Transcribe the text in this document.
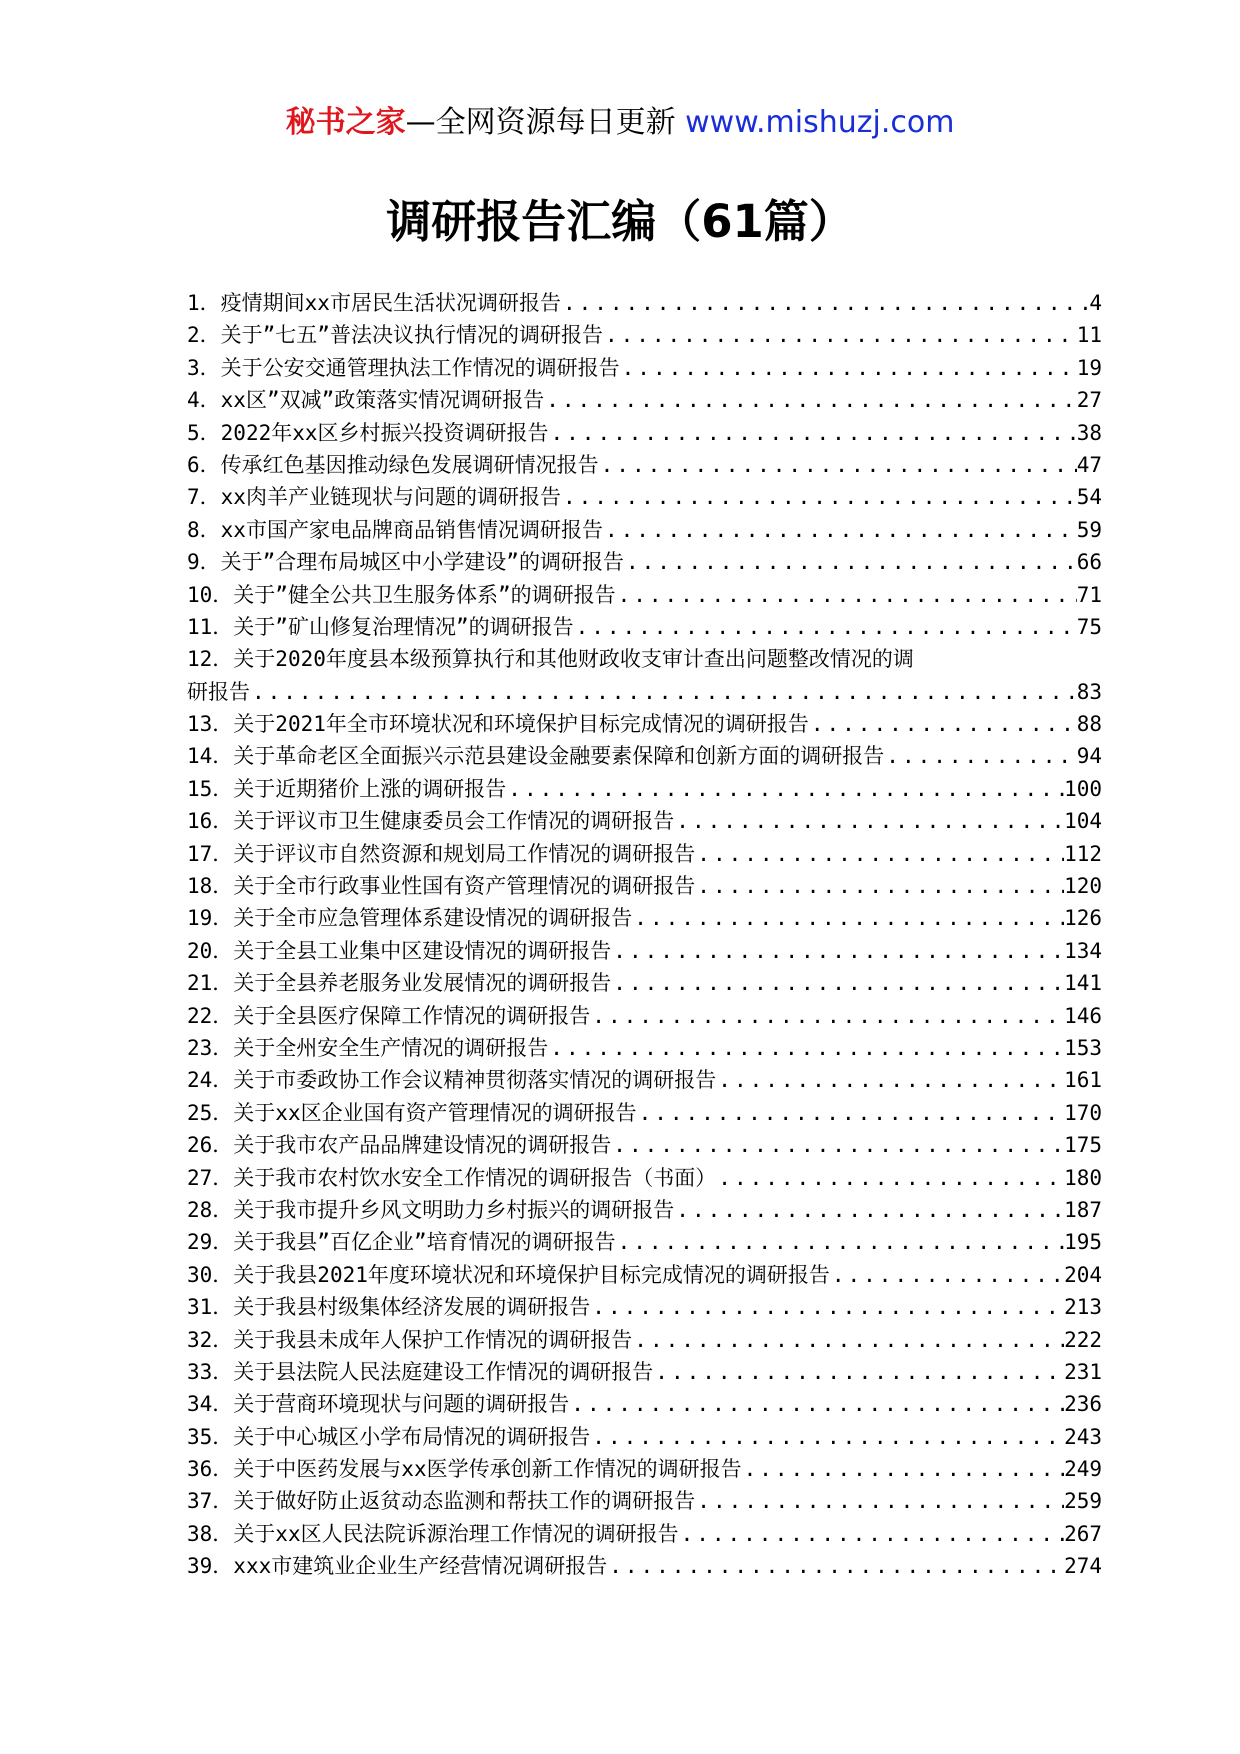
秘书之家—全网资源每日更新 www.mishuzj.com
调研报告汇编（61篇）
1．疫情期间xx市居民生活状况调研报告 .....	4
2．关于”七五”普法决议执行情况的调研报告 .....	11
3．关于公安交通管理执法工作情况的调研报告 .....	19
4．xx区”双减”政策落实情况调研报告 .....	27
5．2022年xx区乡村振兴投资调研报告 .....	38
6．传承红色基因推动绿色发展调研情况报告 .....	47
7．xx肉羊产业链现状与问题的调研报告 .....	54
8．xx市国产家电品牌商品销售情况调研报告 .....	59
9．关于”合理布局城区中小学建设”的调研报告 .....	66
10．关于”健全公共卫生服务体系”的调研报告 .....	71
11．关于”矿山修复治理情况”的调研报告 .....	75
12．关于2020年度县本级预算执行和其他财政收支审计查出问题整改情况的调
研报告 .....	83
13．关于2021年全市环境状况和环境保护目标完成情况的调研报告 .....	88
14．关于革命老区全面振兴示范县建设金融要素保障和创新方面的调研报告 .....	94
15．关于近期猪价上涨的调研报告 .....	100
16．关于评议市卫生健康委员会工作情况的调研报告 .....	104
17．关于评议市自然资源和规划局工作情况的调研报告 .....	112
18．关于全市行政事业性国有资产管理情况的调研报告 .....	120
19．关于全市应急管理体系建设情况的调研报告 .....	126
20．关于全县工业集中区建设情况的调研报告 .....	134
21．关于全县养老服务业发展情况的调研报告 .....	141
22．关于全县医疗保障工作情况的调研报告 .....	146
23．关于全州安全生产情况的调研报告 .....	153
24．关于市委政协工作会议精神贯彻落实情况的调研报告 .....	161
25．关于xx区企业国有资产管理情况的调研报告 .....	170
26．关于我市农产品品牌建设情况的调研报告 .....	175
27．关于我市农村饮水安全工作情况的调研报告（书面） .....	180
28．关于我市提升乡风文明助力乡村振兴的调研报告 .....	187
29．关于我县”百亿企业”培育情况的调研报告 .....	195
30．关于我县2021年度环境状况和环境保护目标完成情况的调研报告 .....	204
31．关于我县村级集体经济发展的调研报告 .....	213
32．关于我县未成年人保护工作情况的调研报告 .....	222
33．关于县法院人民法庭建设工作情况的调研报告 .....	231
34．关于营商环境现状与问题的调研报告 .....	236
35．关于中心城区小学布局情况的调研报告 .....	243
36．关于中医药发展与xx医学传承创新工作情况的调研报告 .....	249
37．关于做好防止返贫动态监测和帮扶工作的调研报告 .....	259
38．关于xx区人民法院诉源治理工作情况的调研报告 .....	267
39．xxx市建筑业企业生产经营情况调研报告 .....	274
